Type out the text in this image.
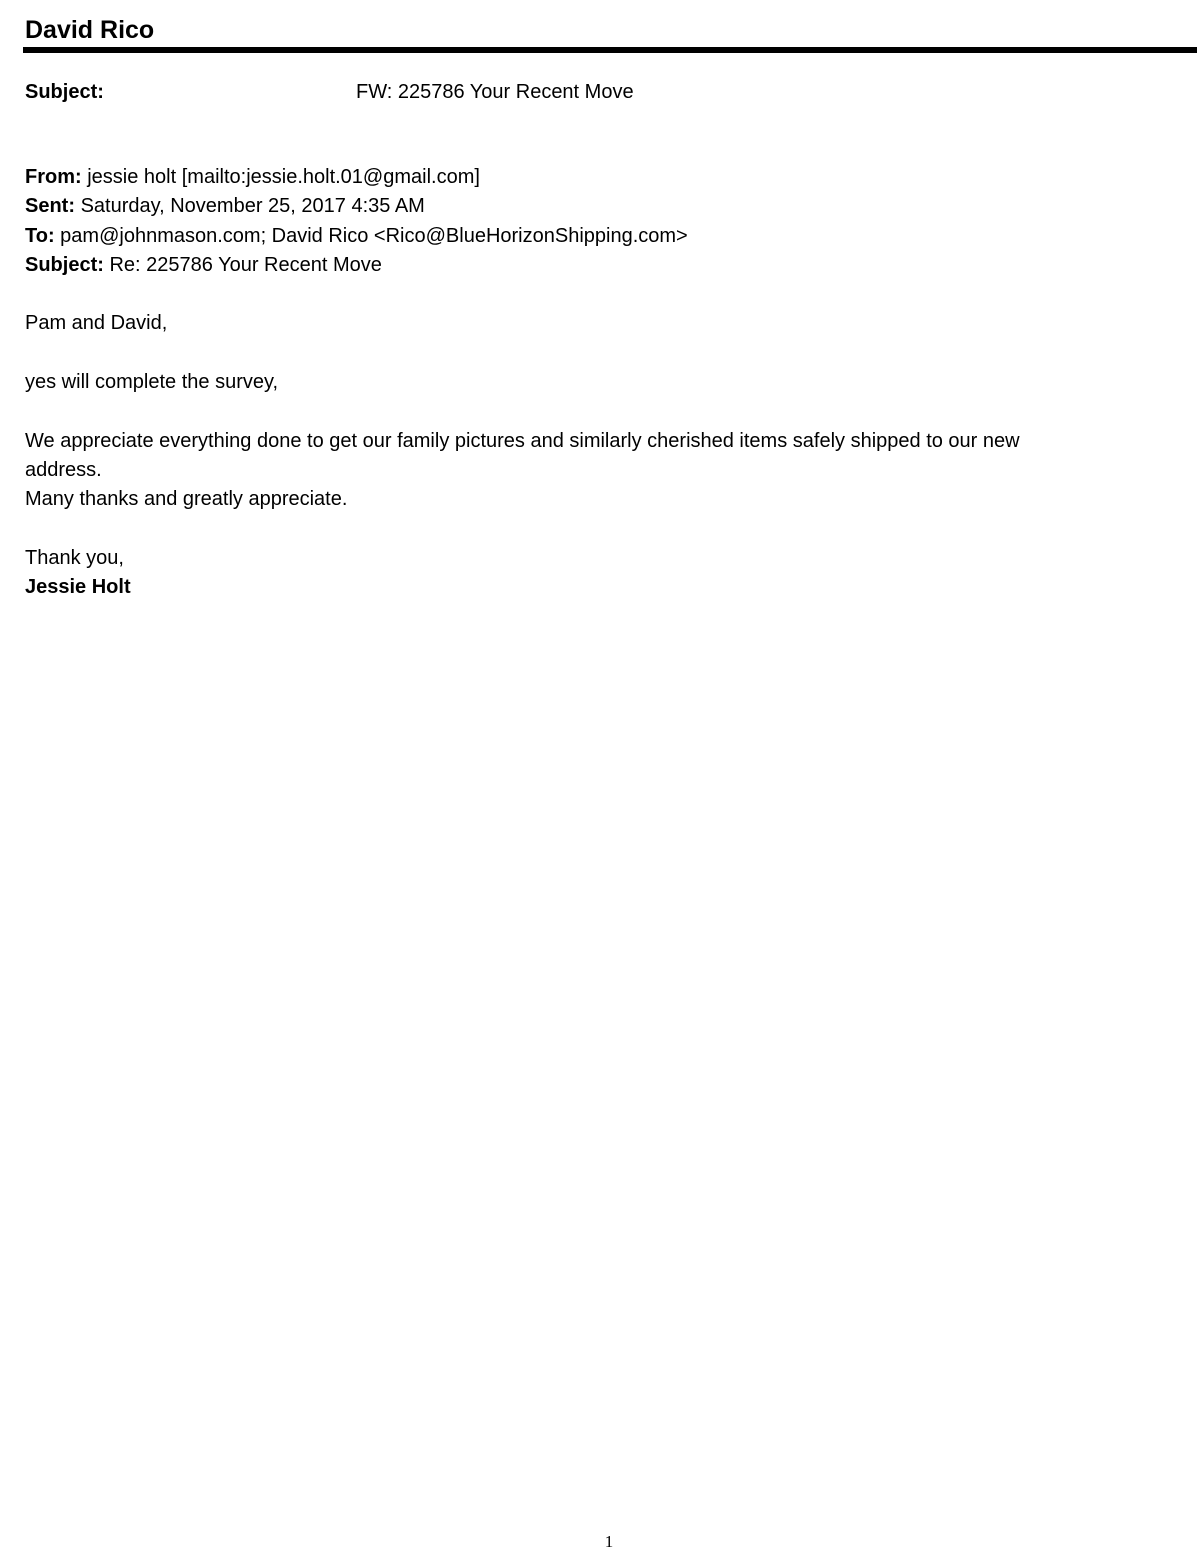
David Rico
Subject:	FW: 225786 Your Recent Move
From: jessie holt [mailto:jessie.holt.01@gmail.com]
Sent: Saturday, November 25, 2017 4:35 AM
To: pam@johnmason.com; David Rico <Rico@BlueHorizonShipping.com>
Subject: Re: 225786 Your Recent Move
Pam and David,
yes will complete the survey,
We appreciate everything done to get our family pictures and similarly cherished items safely shipped to our new
address.
Many thanks and greatly appreciate.
Thank you,
Jessie Holt
1
